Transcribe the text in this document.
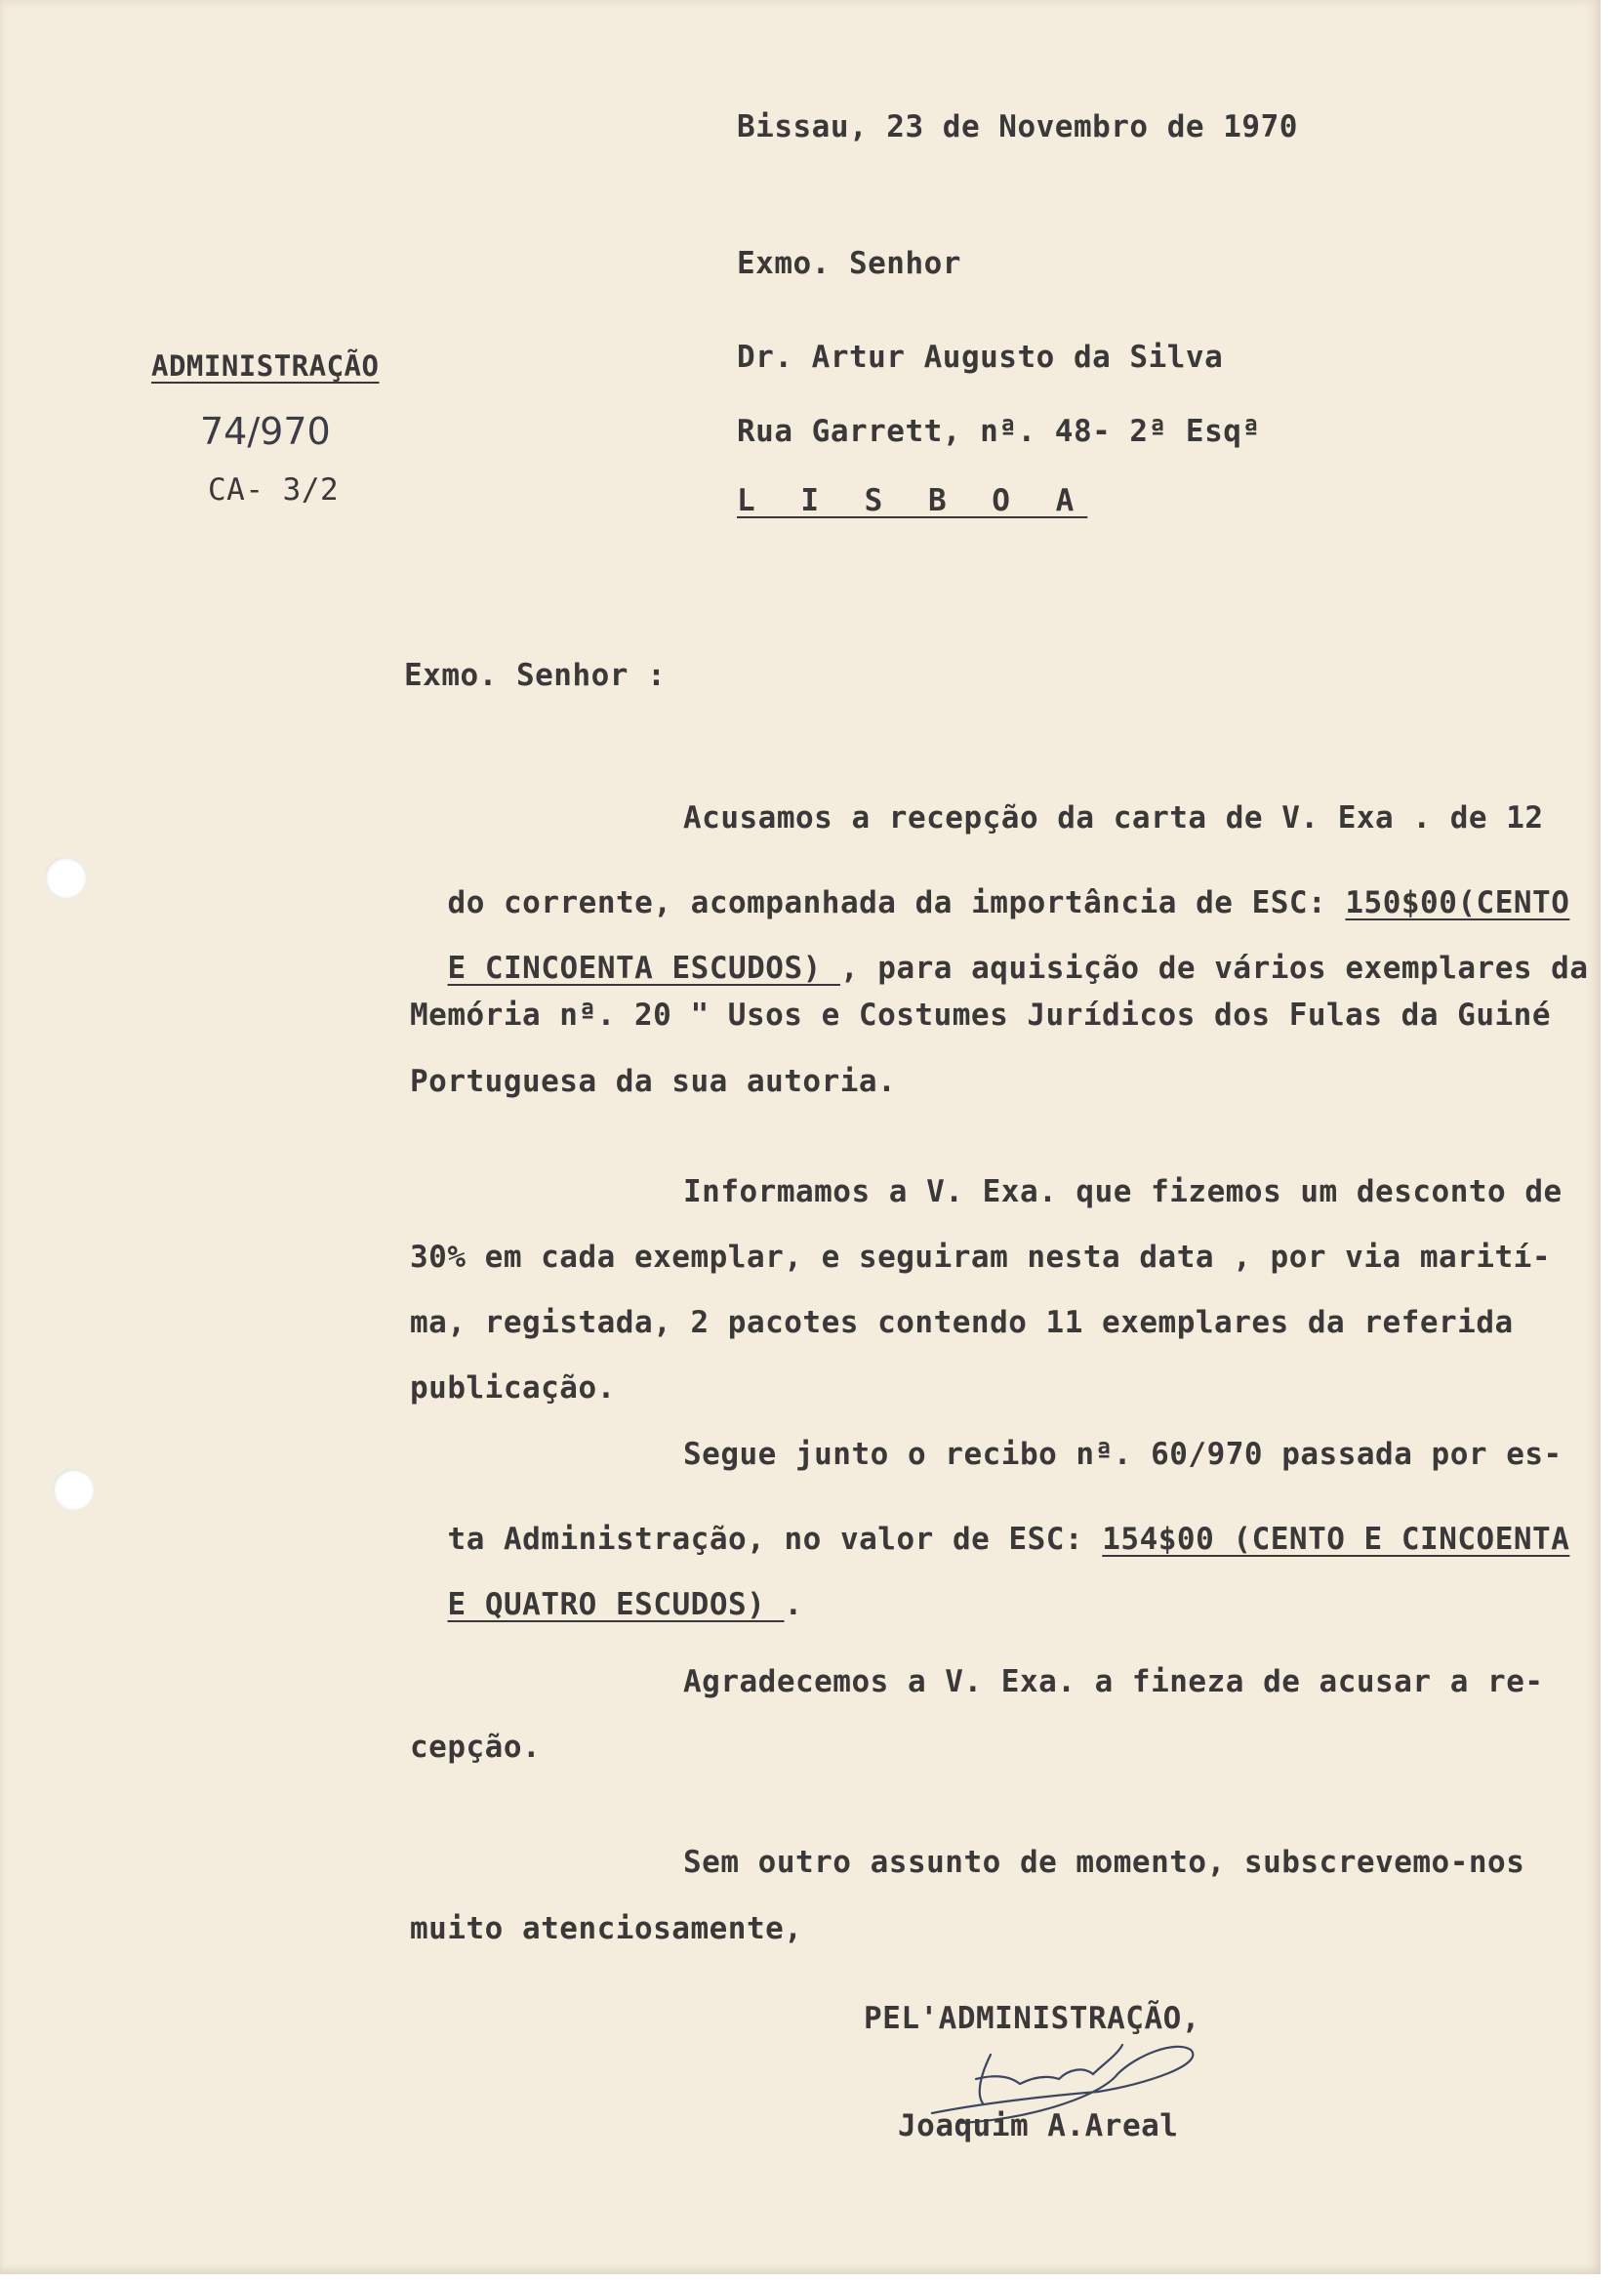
Bissau, 23 de Novembro de 1970
Exmo. Senhor
Dr. Artur Augusto da Silva
Rua Garrett, nª. 48- 2ª Esqª
L I S B O A
ADMINISTRAÇÃO
74/970
CA- 3/2
Exmo. Senhor :
Acusamos a recepção da carta de V. Exa . de 12

do corrente, acompanhada da importância de ESC: 150$00(CENTO

E CINCOENTA ESCUDOS) , para aquisição de vários exemplares da

Memória nª. 20 " Usos e Costumes Jurídicos dos Fulas da Guiné
Portuguesa da sua autoria.
Informamos a V. Exa. que fizemos um desconto de
30% em cada exemplar, e seguiram nesta data , por via marití-
ma, registada, 2 pacotes contendo 11 exemplares da referida
publicação.
Segue junto o recibo nª. 60/970 passada por es-

ta Administração, no valor de ESC: 154$00 (CENTO E CINCOENTA

E QUATRO ESCUDOS) .

Agradecemos a V. Exa. a fineza de acusar a re-
cepção.
Sem outro assunto de momento, subscrevemo-nos
muito atenciosamente,
PEL'ADMINISTRAÇÃO,
Joaquim A.Areal
